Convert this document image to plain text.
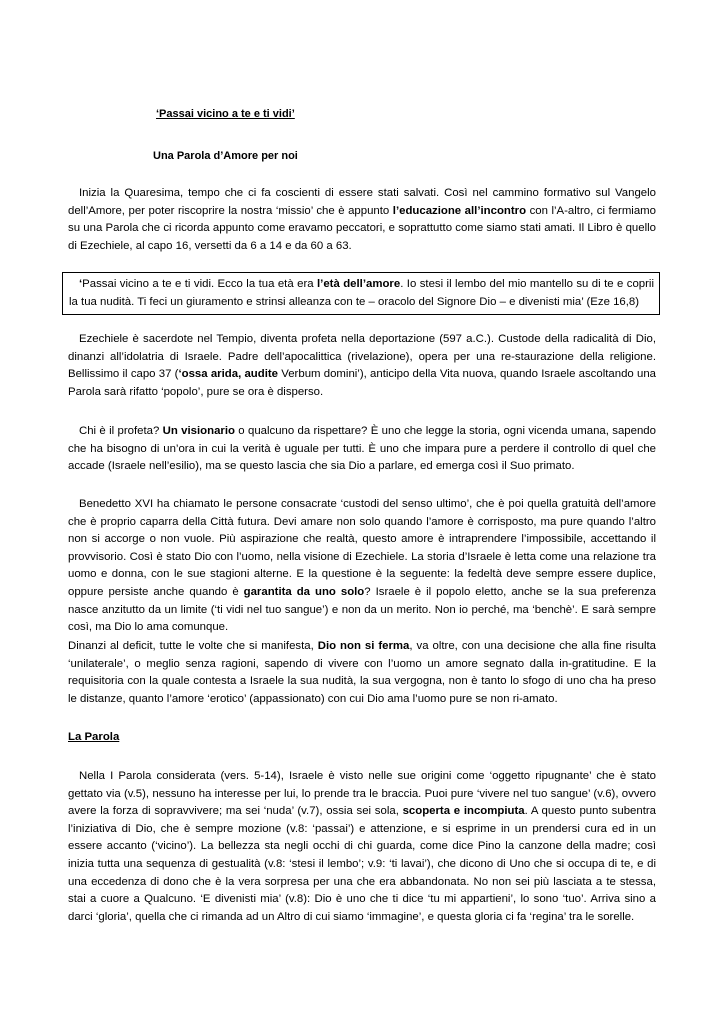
‘Passai vicino a te e ti vidi’
Una Parola d’Amore per noi

Inizia la Quaresima, tempo che ci fa coscienti di essere stati salvati. Così nel cammino formativo sul Vangelo dell’Amore, per poter riscoprire la nostra ‘missio’ che è appunto l’educazione all’incontro con l’A-altro, ci fermiamo su una Parola che ci ricorda appunto come eravamo peccatori, e soprattutto come siamo stati amati. Il Libro è quello di Ezechiele, al capo 16, versetti da 6 a 14 e da 60 a 63.

‘Passai vicino a te e ti vidi. Ecco la tua età era l’età dell’amore. Io stesi il lembo del mio mantello su di te e coprii la tua nudità. Ti feci un giuramento e strinsi alleanza con te – oracolo del Signore Dio – e divenisti mia’ (Eze 16,8)

Ezechiele è sacerdote nel Tempio, diventa profeta nella deportazione (597 a.C.). Custode della radicalità di Dio, dinanzi all’idolatria di Israele. Padre dell’apocalittica (rivelazione), opera per una re-staurazione della religione. Bellissimo il capo 37 (‘ossa arida, audite Verbum domini’), anticipo della Vita nuova, quando Israele ascoltando una Parola sarà rifatto ‘popolo’, pure se ora è disperso.

Chi è il profeta? Un visionario o qualcuno da rispettare? È uno che legge la storia, ogni vicenda umana, sapendo che ha bisogno di un’ora in cui la verità è uguale per tutti. È uno che impara pure a perdere il controllo di quel che accade (Israele nell’esilio), ma se questo lascia che sia Dio a parlare, ed emerga così il Suo primato.

Benedetto XVI ha chiamato le persone consacrate ‘custodi del senso ultimo’, che è poi quella gratuità dell’amore che è proprio caparra della Città futura. Devi amare non solo quando l’amore è corrisposto, ma pure quando l’altro non si accorge o non vuole. Più aspirazione che realtà, questo amore è intraprendere l’impossibile, accettando il provvisorio. Così è stato Dio con l’uomo, nella visione di Ezechiele. La storia d’Israele è letta come una relazione tra uomo e donna, con le sue stagioni alterne. E la questione è la seguente: la fedeltà deve sempre essere duplice, oppure persiste anche quando è garantita da uno solo? Israele è il popolo eletto, anche se la sua preferenza nasce anzitutto da un limite (‘ti vidi nel tuo sangue’) e non da un merito. Non io perché, ma ‘benchè’. E sarà sempre così, ma Dio lo ama comunque.

Dinanzi al deficit, tutte le volte che si manifesta, Dio non si ferma, va oltre, con una decisione che alla fine risulta ‘unilaterale’, o meglio senza ragioni, sapendo di vivere con l’uomo un amore segnato dalla in-gratitudine. E la requisitoria con la quale contesta a Israele la sua nudità, la sua vergogna, non è tanto lo sfogo di uno cha ha preso le distanze, quanto l’amore ‘erotico’ (appassionato) con cui Dio ama l’uomo pure se non ri-amato.

La Parola

Nella I Parola considerata (vers. 5-14), Israele è visto nelle sue origini come ‘oggetto ripugnante’ che è stato gettato via (v.5), nessuno ha interesse per lui, lo prende tra le braccia. Puoi pure ‘vivere nel tuo sangue’ (v.6), ovvero avere la forza di sopravvivere; ma sei ‘nuda’ (v.7), ossia sei sola, scoperta e incompiuta. A questo punto subentra l’iniziativa di Dio, che è sempre mozione (v.8: ‘passai’) e attenzione, e si esprime in un prendersi cura ed in un essere accanto (‘vicino’). La bellezza sta negli occhi di chi guarda, come dice Pino la canzone della madre; così inizia tutta una sequenza di gestualità (v.8: ‘stesi il lembo’; v.9: ‘ti lavai’), che dicono di Uno che si occupa di te, e di una eccedenza di dono che è la vera sorpresa per una che era abbandonata. No non sei più lasciata a te stessa, stai a cuore a Qualcuno. ‘E divenisti mia’ (v.8): Dio è uno che ti dice ‘tu mi appartieni’, lo sono ‘tuo’. Arriva sino a darci ‘gloria’, quella che ci rimanda ad un Altro di cui siamo ‘immagine’, e questa gloria ci fa ‘regina’ tra le sorelle.
